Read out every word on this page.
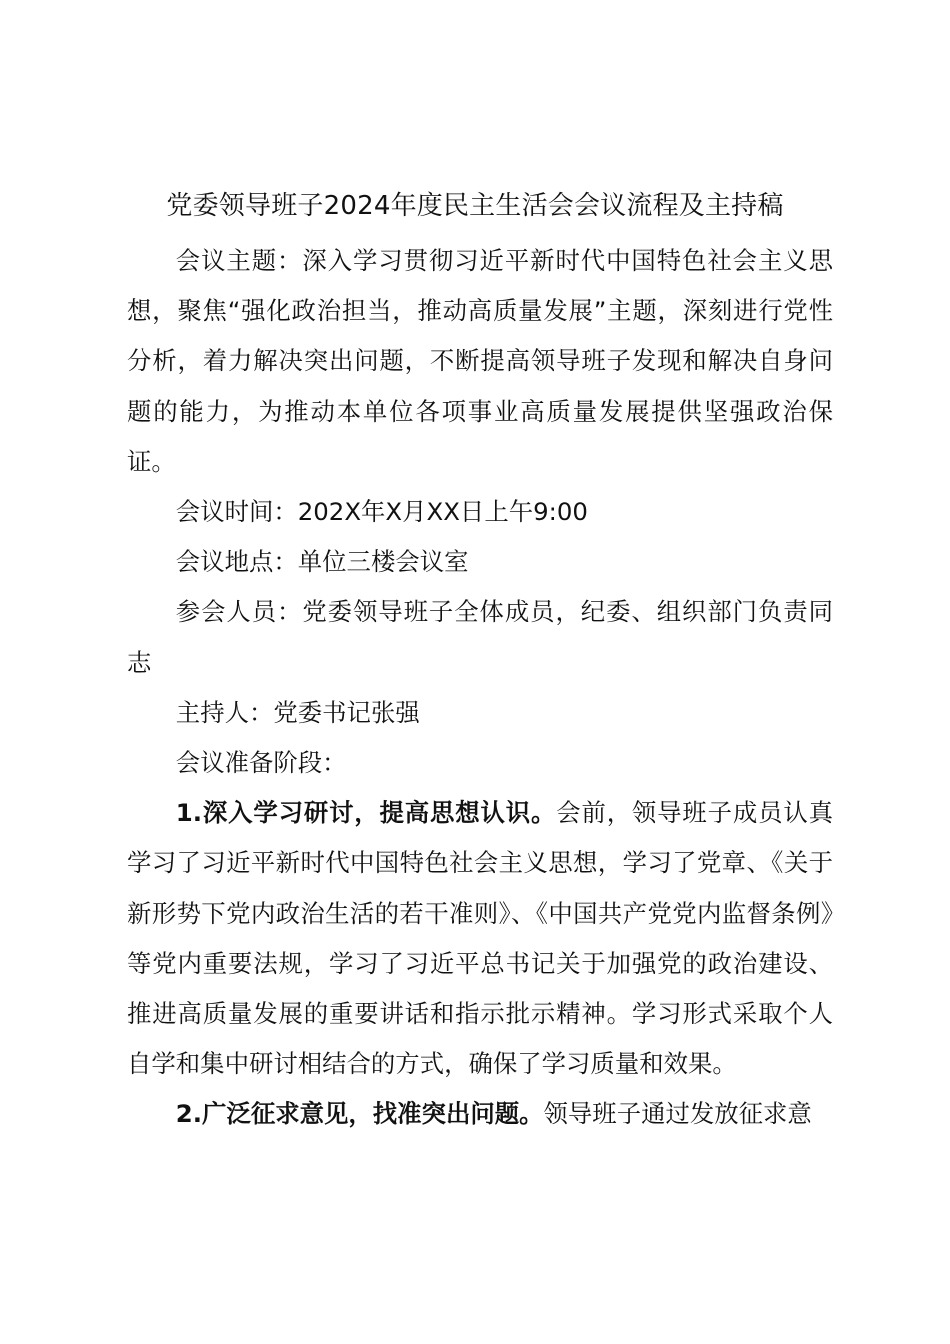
党委领导班子2024年度民主生活会会议流程及主持稿

会议主题：深入学习贯彻习近平新时代中国特色社会主义思想，聚焦“强化政治担当，推动高质量发展”主题，深刻进行党性分析，着力解决突出问题，不断提高领导班子发现和解决自身问题的能力，为推动本单位各项事业高质量发展提供坚强政治保证。

会议时间：202X年X月XX日上午9:00

会议地点：单位三楼会议室

参会人员：党委领导班子全体成员，纪委、组织部门负责同志

主持人：党委书记张强

会议准备阶段：

1.深入学习研讨，提高思想认识。会前，领导班子成员认真学习了习近平新时代中国特色社会主义思想，学习了党章、《关于新形势下党内政治生活的若干准则》、《中国共产党党内监督条例》等党内重要法规，学习了习近平总书记关于加强党的政治建设、推进高质量发展的重要讲话和指示批示精神。学习形式采取个人自学和集中研讨相结合的方式，确保了学习质量和效果。

2.广泛征求意见，找准突出问题。领导班子通过发放征求意
